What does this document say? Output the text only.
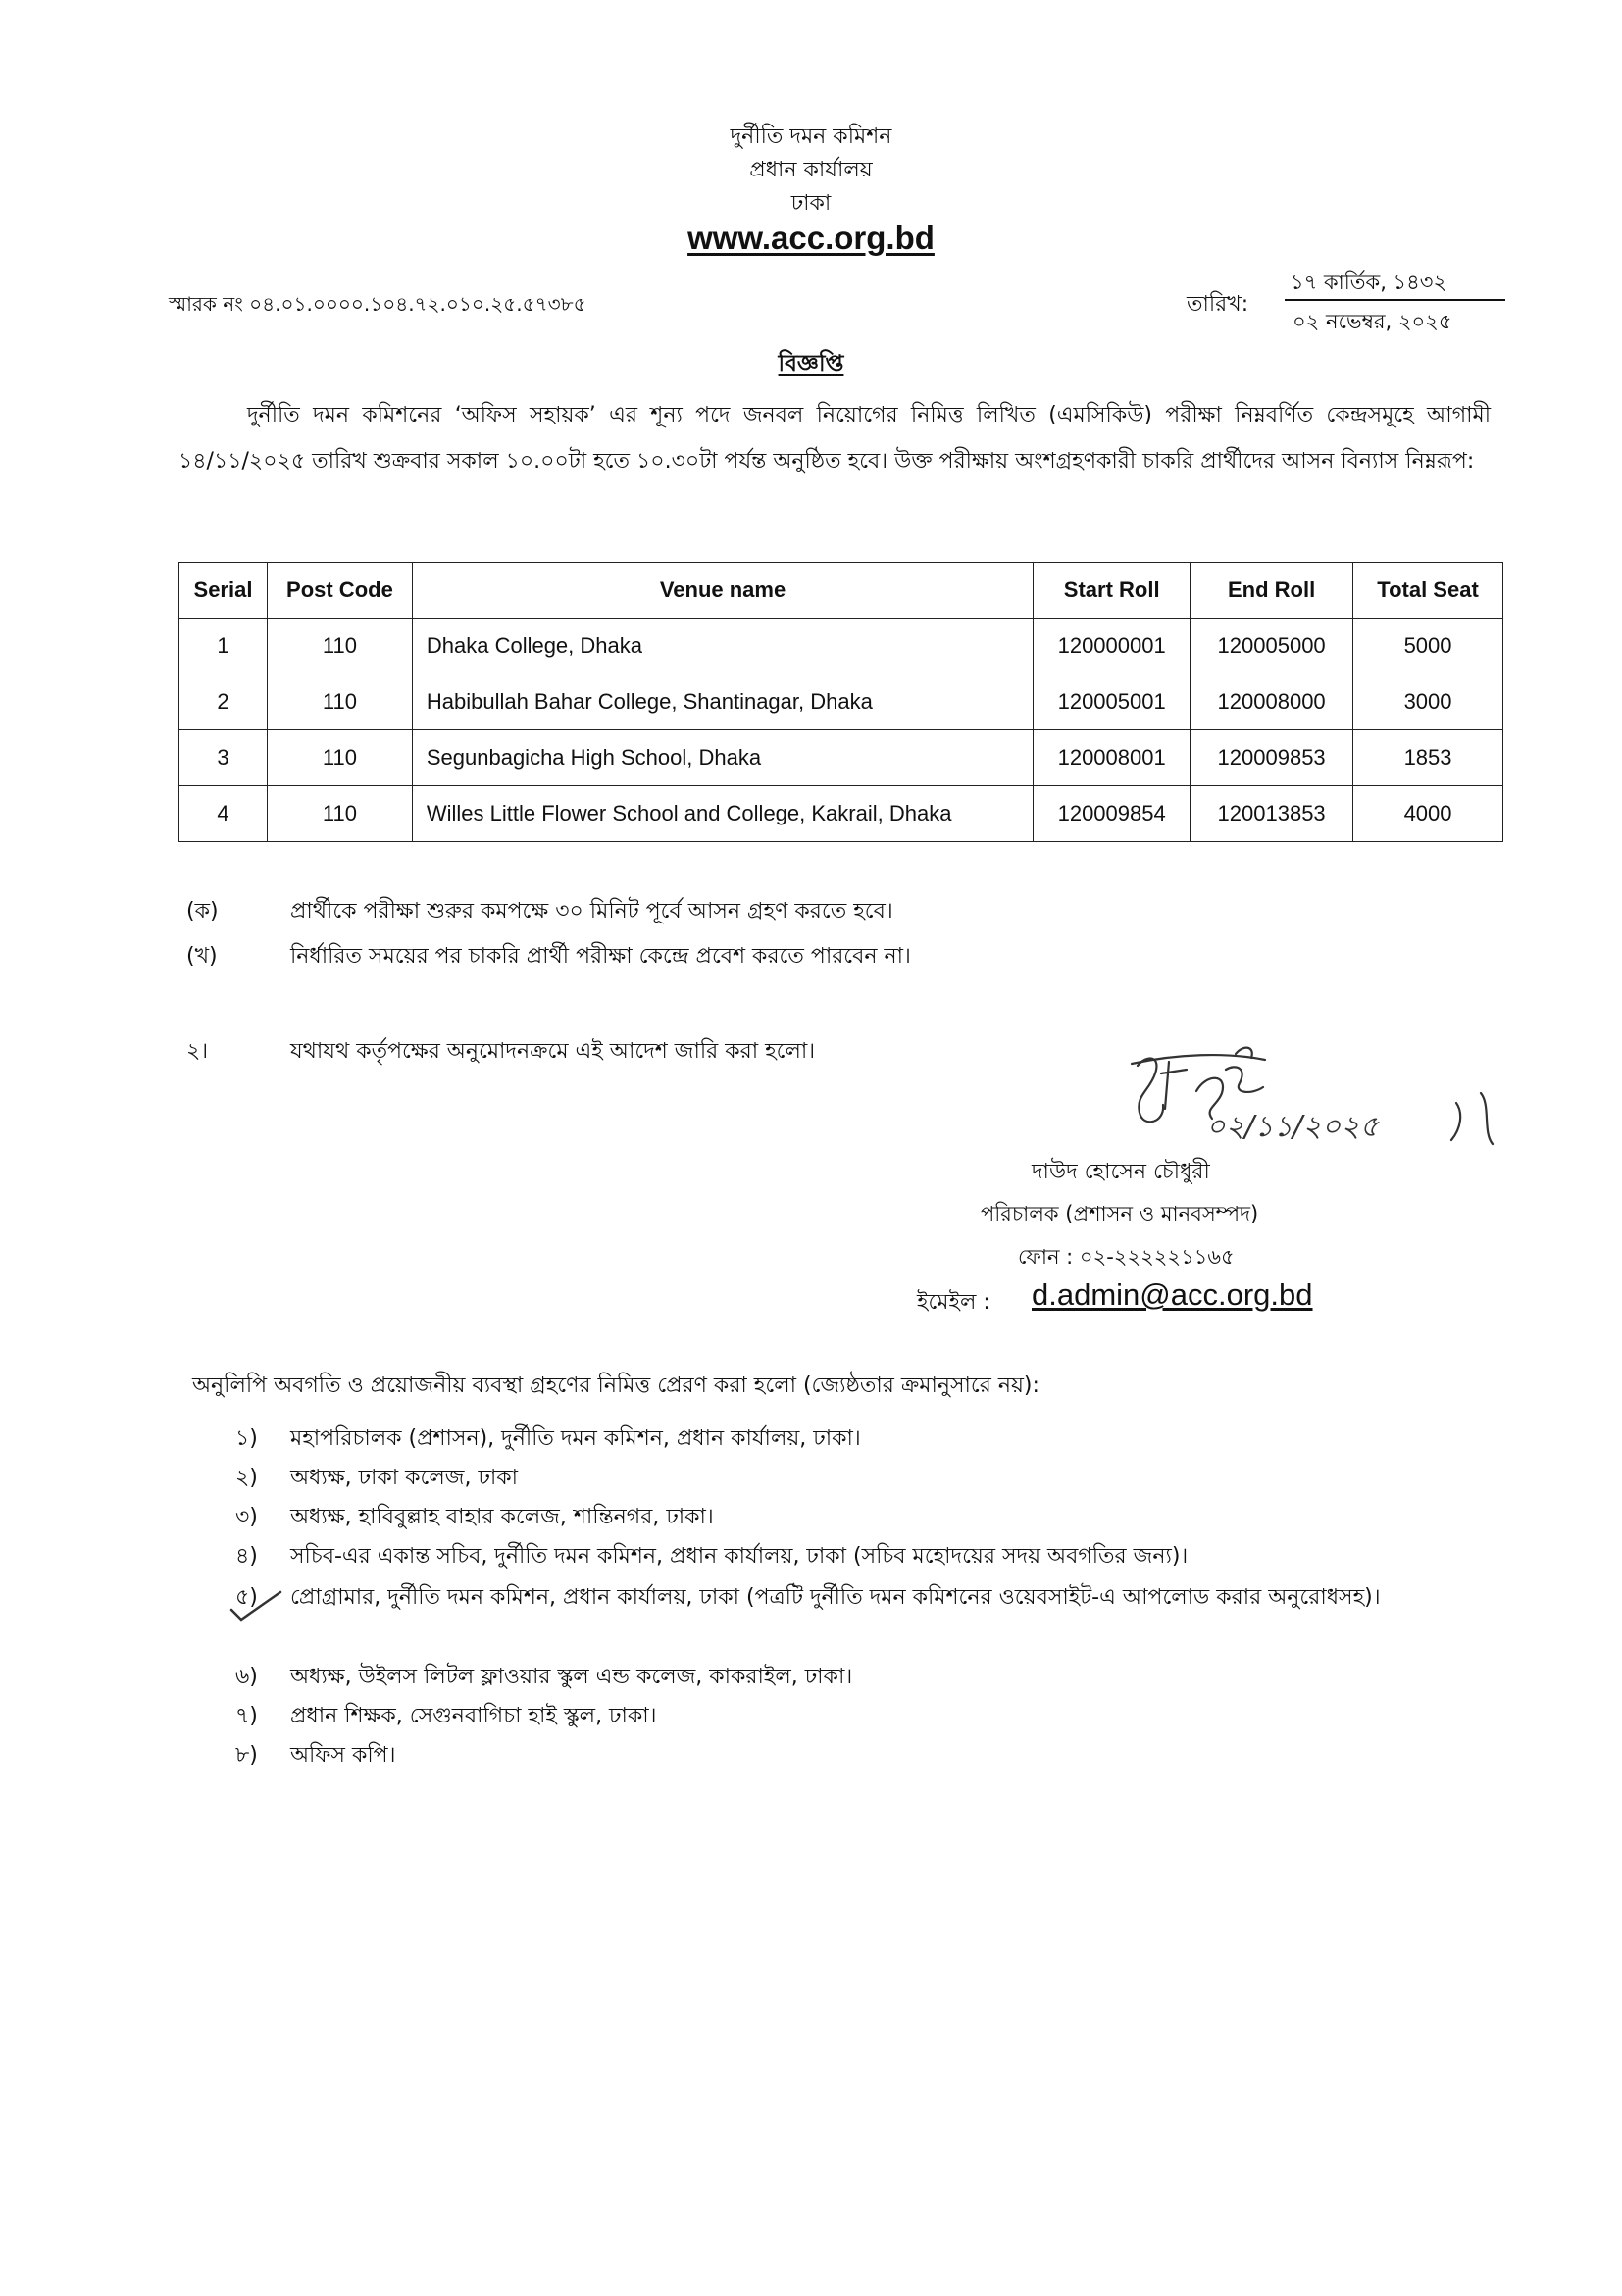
দুর্নীতি দমন কমিশন
প্রধান কার্যালয়
ঢাকা
www.acc.org.bd
স্মারক নং ০৪.০১.০০০০.১০৪.৭২.০১০.২৫.৫৭৩৮৫	তারিখ:
১৭ কার্তিক, ১৪৩২
০২ নভেম্বর, ২০২৫
বিজ্ঞপ্তি
দুর্নীতি দমন কমিশনের ‘অফিস সহায়ক’ এর শূন্য পদে জনবল নিয়োগের নিমিত্ত লিখিত (এমসিকিউ) পরীক্ষা নিম্নবর্ণিত কেন্দ্রসমূহে আগামী ১৪/১১/২০২৫ তারিখ শুক্রবার সকাল ১০.০০টা হতে ১০.৩০টা পর্যন্ত অনুষ্ঠিত হবে। উক্ত পরীক্ষায় অংশগ্রহণকারী চাকরি প্রার্থীদের আসন বিন্যাস নিম্নরূপ:
Serial	Post Code	Venue name	Start Roll	End Roll	Total Seat
1	110	Dhaka College, Dhaka	120000001	120005000	5000
2	110	Habibullah Bahar College, Shantinagar, Dhaka	120005001	120008000	3000
3	110	Segunbagicha High School, Dhaka	120008001	120009853	1853
4	110	Willes Little Flower School and College, Kakrail, Dhaka	120009854	120013853	4000
(ক)	প্রার্থীকে পরীক্ষা শুরুর কমপক্ষে ৩০ মিনিট পূর্বে আসন গ্রহণ করতে হবে।
(খ)	নির্ধারিত সময়ের পর চাকরি প্রার্থী পরীক্ষা কেন্দ্রে প্রবেশ করতে পারবেন না।
২।	যথাযথ কর্তৃপক্ষের অনুমোদনক্রমে এই আদেশ জারি করা হলো।
০২/১১/২০২৫
দাউদ হোসেন চৌধুরী
পরিচালক (প্রশাসন ও মানবসম্পদ)
ফোন : ০২-২২২২২১১৬৫
ইমেইল : d.admin@acc.org.bd
অনুলিপি অবগতি ও প্রয়োজনীয় ব্যবস্থা গ্রহণের নিমিত্ত প্রেরণ করা হলো (জ্যেষ্ঠতার ক্রমানুসারে নয়):
১) মহাপরিচালক (প্রশাসন), দুর্নীতি দমন কমিশন, প্রধান কার্যালয়, ঢাকা।
২) অধ্যক্ষ, ঢাকা কলেজ, ঢাকা
৩) অধ্যক্ষ, হাবিবুল্লাহ বাহার কলেজ, শান্তিনগর, ঢাকা।
৪) সচিব-এর একান্ত সচিব, দুর্নীতি দমন কমিশন, প্রধান কার্যালয়, ঢাকা (সচিব মহোদয়ের সদয় অবগতির জন্য)।
৫) প্রোগ্রামার, দুর্নীতি দমন কমিশন, প্রধান কার্যালয়, ঢাকা (পত্রটি দুর্নীতি দমন কমিশনের ওয়েবসাইট-এ আপলোড করার অনুরোধসহ)।
৬) অধ্যক্ষ, উইলস লিটল ফ্লাওয়ার স্কুল এন্ড কলেজ, কাকরাইল, ঢাকা।
৭) প্রধান শিক্ষক, সেগুনবাগিচা হাই স্কুল, ঢাকা।
৮) অফিস কপি।
